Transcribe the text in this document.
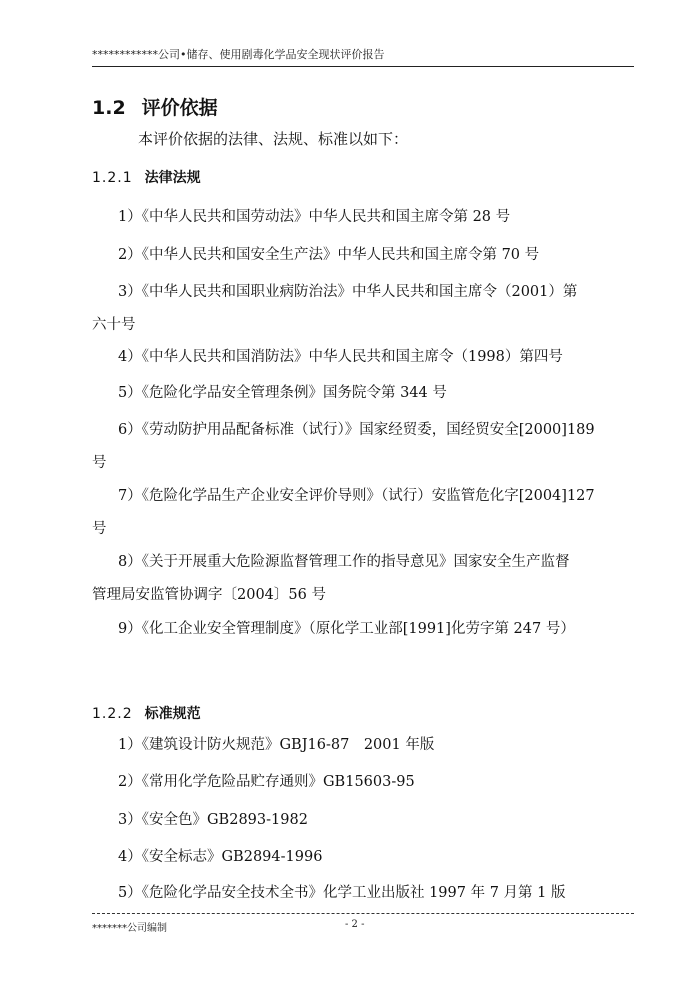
************公司•储存、使用剧毒化学品安全现状评价报告
1.2 评价依据
本评价依据的法律、法规、标准以如下：
1.2.1 法律法规
1）《中华人民共和国劳动法》中华人民共和国主席令第 28 号
2）《中华人民共和国安全生产法》中华人民共和国主席令第 70 号
3）《中华人民共和国职业病防治法》中华人民共和国主席令（2001）第
六十号
4）《中华人民共和国消防法》中华人民共和国主席令（1998）第四号
5）《危险化学品安全管理条例》国务院令第 344 号
6）《劳动防护用品配备标准（试行）》国家经贸委，国经贸安全[2000]189
号
7）《危险化学品生产企业安全评价导则》（试行）安监管危化字[2004]127
号
8）《关于开展重大危险源监督管理工作的指导意见》国家安全生产监督
管理局安监管协调字〔2004〕56 号
9）《化工企业安全管理制度》（原化学工业部[1991]化劳字第 247 号）
1.2.2 标准规范
1）《建筑设计防火规范》GBJ16-87　2001 年版
2）《常用化学危险品贮存通则》GB15603-95
3）《安全色》GB2893-1982
4）《安全标志》GB2894-1996
5）《危险化学品安全技术全书》化学工业出版社 1997 年 7 月第 1 版
*******公司编制	- 2 -
